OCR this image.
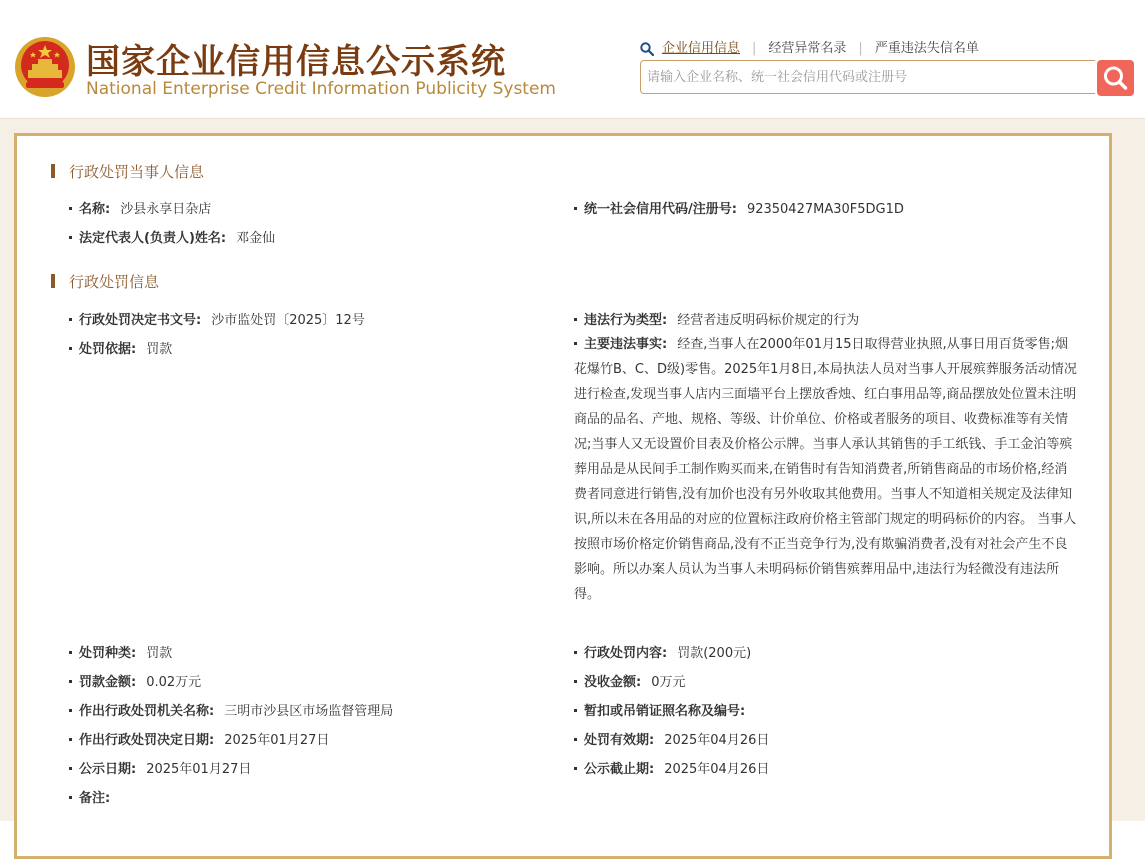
国家企业信用信息公示系统
National Enterprise Credit Information Publicity System
企业信用信息 | 经营异常名录 | 严重违法失信名单
请输入企业名称、统一社会信用代码或注册号
行政处罚当事人信息
名称: 沙县永享日杂店	统一社会信用代码/注册号: 92350427MA30F5DG1D
法定代表人(负责人)姓名: 邓金仙
行政处罚信息
行政处罚决定书文号: 沙市监处罚〔2025〕12号	违法行为类型: 经营者违反明码标价规定的行为
处罚依据: 罚款	主要违法事实: 经查,当事人在2000年01月15日取得营业执照,从事日用百货零售;烟花爆竹B、C、D级)零售。2025年1月8日,本局执法人员对当事人开展殡葬服务活动情况进行检查,发现当事人店内三面墙平台上摆放香烛、红白事用品等,商品摆放处位置未注明商品的品名、产地、规格、等级、计价单位、价格或者服务的项目、收费标准等有关情况;当事人又无设置价目表及价格公示牌。当事人承认其销售的手工纸钱、手工金泊等殡葬用品是从民间手工制作购买而来,在销售时有告知消费者,所销售商品的市场价格,经消费者同意进行销售,没有加价也没有另外收取其他费用。当事人不知道相关规定及法律知识,所以未在各用品的对应的位置标注政府价格主管部门规定的明码标价的内容。 当事人按照市场价格定价销售商品,没有不正当竞争行为,没有欺骗消费者,没有对社会产生不良影响。所以办案人员认为当事人未明码标价销售殡葬用品中,违法行为轻微没有违法所得。
处罚种类: 罚款	行政处罚内容: 罚款(200元)
罚款金额: 0.02万元	没收金额: 0万元
作出行政处罚机关名称: 三明市沙县区市场监督管理局	暂扣或吊销证照名称及编号:
作出行政处罚决定日期: 2025年01月27日	处罚有效期: 2025年04月26日
公示日期: 2025年01月27日	公示截止期: 2025年04月26日
备注:
